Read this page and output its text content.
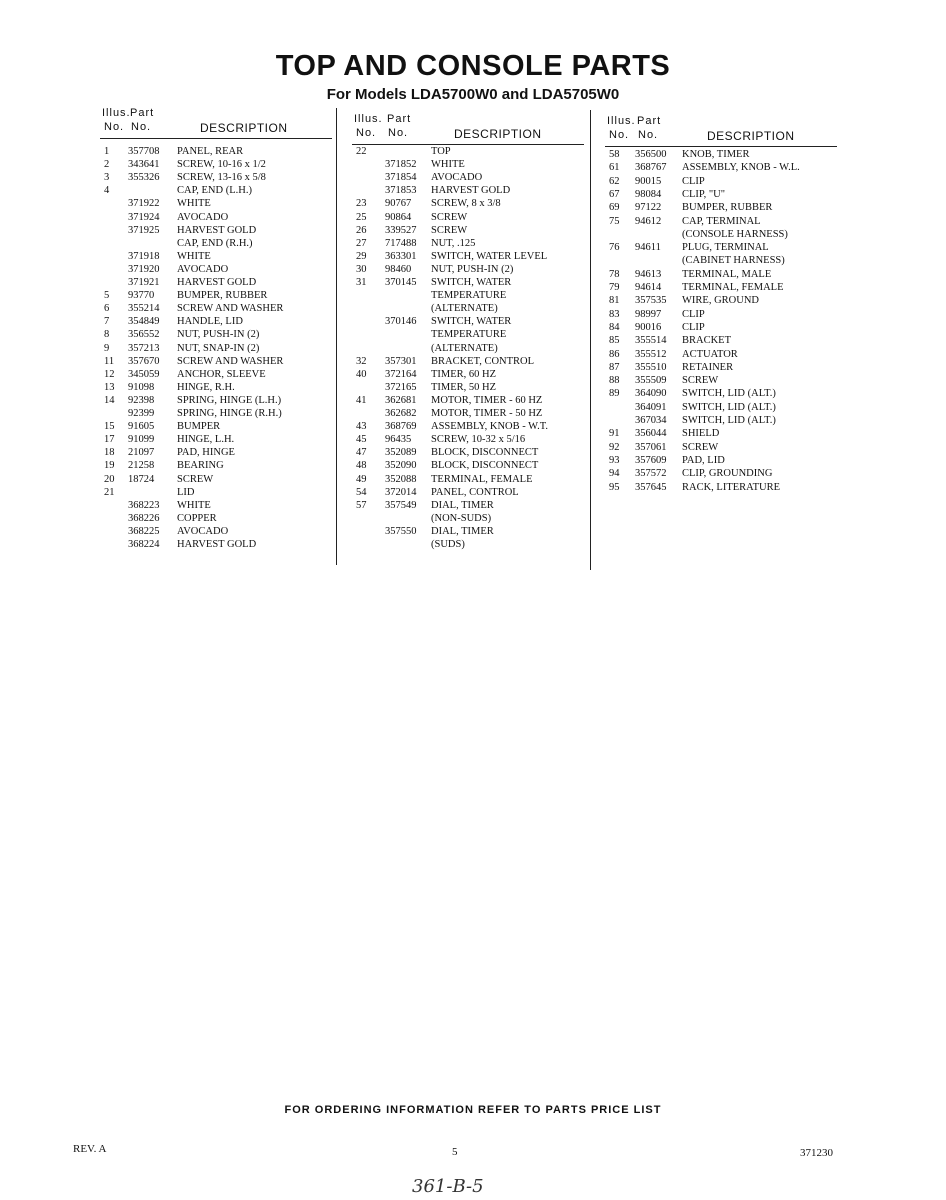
TOP AND CONSOLE PARTS
For Models LDA5700W0 and LDA5705W0
Illus. Part
No. No.	DESCRIPTION
1 357708 PANEL, REAR
2 343641 SCREW, 10-16 x 1/2
3 355326 SCREW, 13-16 x 5/8
4	CAP, END (L.H.)
371922 WHITE
371924 AVOCADO
371925 HARVEST GOLD
CAP, END (R.H.)
371918 WHITE
371920 AVOCADO
371921 HARVEST GOLD
5 93770 BUMPER, RUBBER
6 355214 SCREW AND WASHER
7 354849 HANDLE, LID
8 356552 NUT, PUSH-IN (2)
9 357213 NUT, SNAP-IN (2)
11 357670 SCREW AND WASHER
12 345059 ANCHOR, SLEEVE
13 91098 HINGE, R.H.
14 92398 SPRING, HINGE (L.H.)
92399 SPRING, HINGE (R.H.)
15 91605 BUMPER
17 91099 HINGE, L.H.
18 21097 PAD, HINGE
19 21258 BEARING
20 18724 SCREW
21	LID
368223 WHITE
368226 COPPER
368225 AVOCADO
368224 HARVEST GOLD
Illus. Part
No. No.	DESCRIPTION
22	TOP
371852 WHITE
371854 AVOCADO
371853 HARVEST GOLD
23 90767 SCREW, 8 x 3/8
25 90864 SCREW
26 339527 SCREW
27 717488 NUT, .125
29 363301 SWITCH, WATER LEVEL
30 98460 NUT, PUSH-IN (2)
31 370145 SWITCH, WATER
TEMPERATURE
(ALTERNATE)
370146 SWITCH, WATER
TEMPERATURE
(ALTERNATE)
32 357301 BRACKET, CONTROL
40 372164 TIMER, 60 HZ
372165 TIMER, 50 HZ
41 362681 MOTOR, TIMER - 60 HZ
362682 MOTOR, TIMER - 50 HZ
43 368769 ASSEMBLY, KNOB - W.T.
45 96435 SCREW, 10-32 x 5/16
47 352089 BLOCK, DISCONNECT
48 352090 BLOCK, DISCONNECT
49 352088 TERMINAL, FEMALE
54 372014 PANEL, CONTROL
57 357549 DIAL, TIMER
(NON-SUDS)
357550 DIAL, TIMER
(SUDS)
Illus. Part
No. No.	DESCRIPTION
58 356500 KNOB, TIMER
61 368767 ASSEMBLY, KNOB - W.L.
62 90015 CLIP
67 98084 CLIP, "U"
69 97122 BUMPER, RUBBER
75 94612 CAP, TERMINAL
(CONSOLE HARNESS)
76 94611 PLUG, TERMINAL
(CABINET HARNESS)
78 94613 TERMINAL, MALE
79 94614 TERMINAL, FEMALE
81 357535 WIRE, GROUND
83 98997 CLIP
84 90016 CLIP
85 355514 BRACKET
86 355512 ACTUATOR
87 355510 RETAINER
88 355509 SCREW
89 364090 SWITCH, LID (ALT.)
364091 SWITCH, LID (ALT.)
367034 SWITCH, LID (ALT.)
91 356044 SHIELD
92 357061 SCREW
93 357609 PAD, LID
94 357572 CLIP, GROUNDING
95 357645 RACK, LITERATURE
FOR ORDERING INFORMATION REFER TO PARTS PRICE LIST
REV. A	5	371230
361-B-5
